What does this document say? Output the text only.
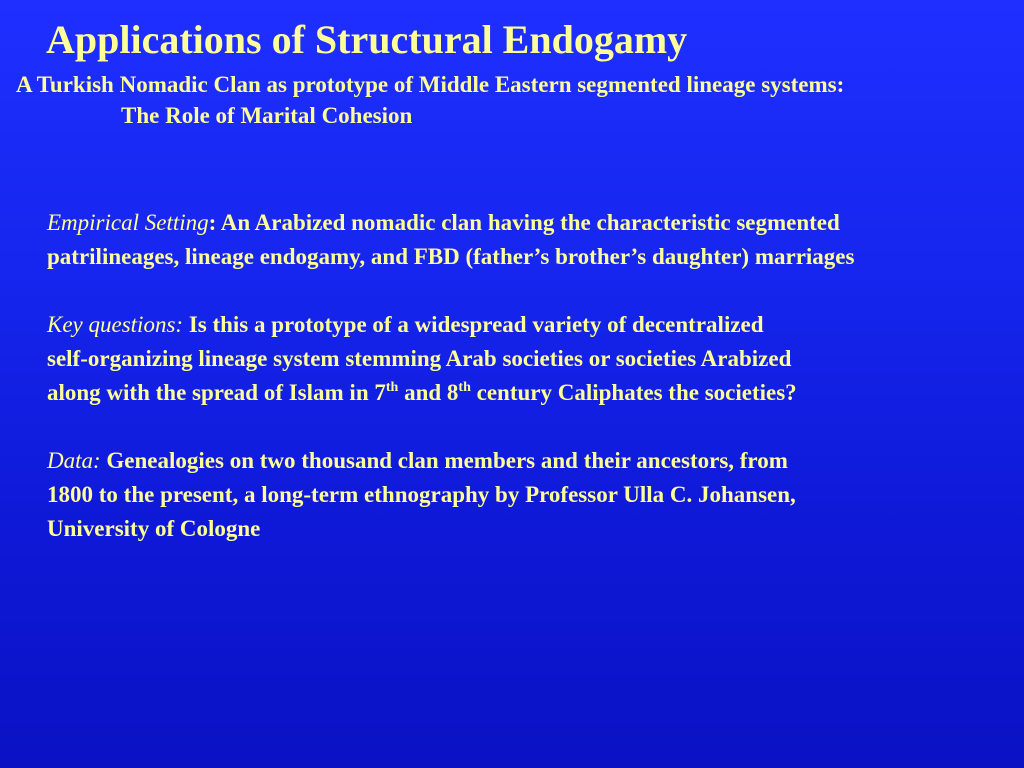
Applications of Structural Endogamy

A Turkish Nomadic Clan as prototype of Middle Eastern segmented lineage systems:

The Role of Marital Cohesion

Empirical Setting: An Arabized nomadic clan having the characteristic segmented
patrilineages, lineage endogamy, and FBD (father’s brother’s daughter) marriages
Key questions: Is this a prototype of a widespread variety of decentralized
self-organizing lineage system stemming Arab societies or societies Arabized
along with the spread of Islam in 7th and 8th century Caliphates the societies?
Data: Genealogies on two thousand clan members and their ancestors, from
1800 to the present, a long-term ethnography by Professor Ulla C. Johansen,
University of Cologne
